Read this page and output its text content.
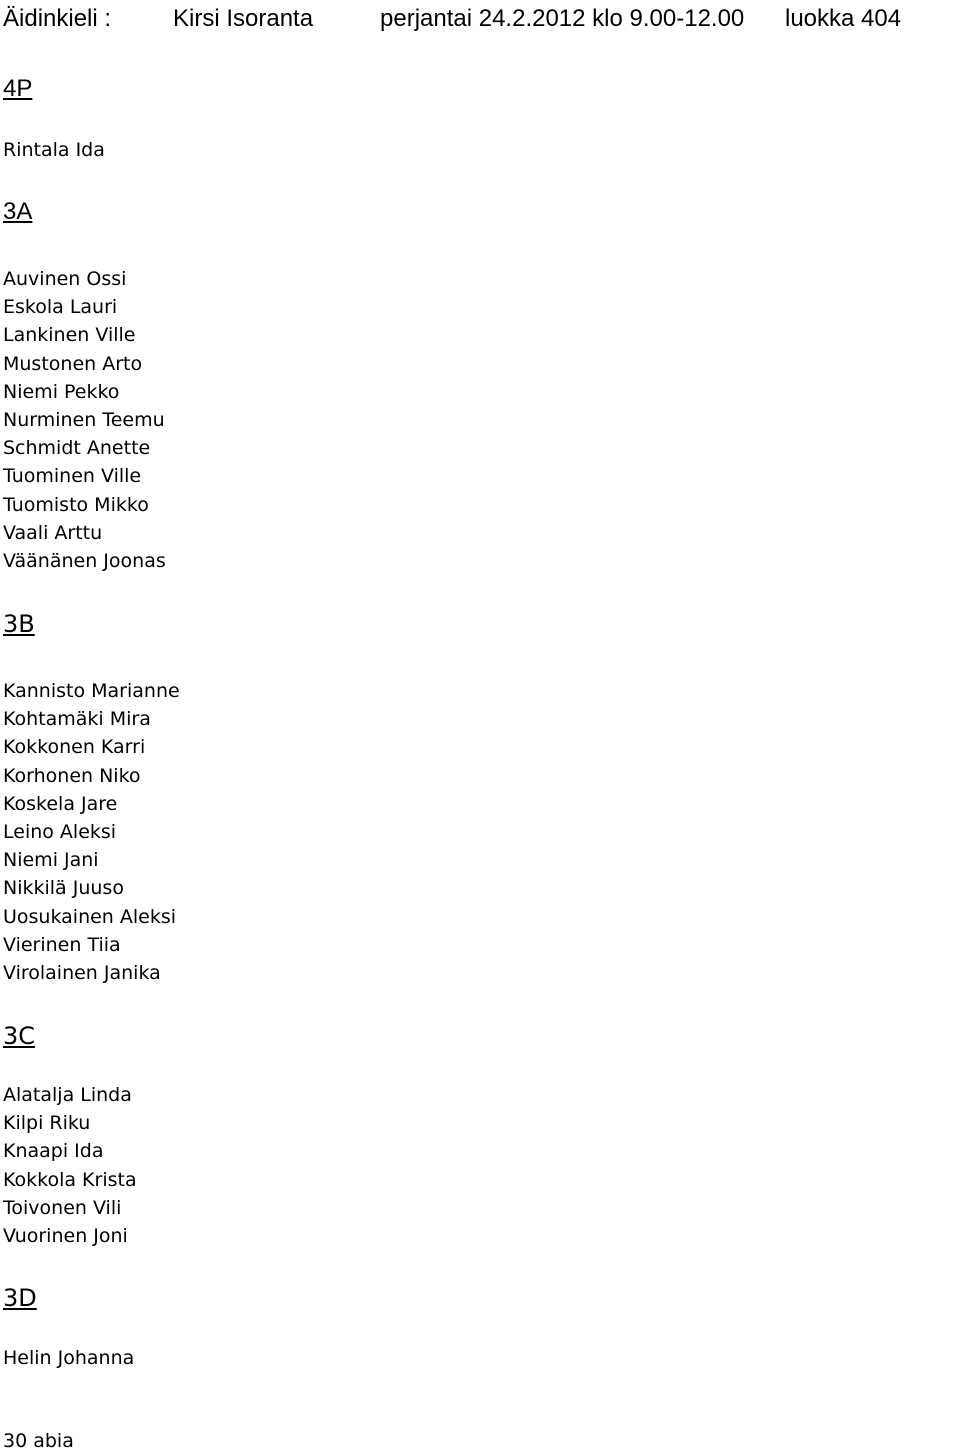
Äidinkieli :	Kirsi Isoranta	perjantai 24.2.2012 klo 9.00-12.00 luokka 404
4P
Rintala Ida
3A
Auvinen Ossi
Eskola Lauri
Lankinen Ville
Mustonen Arto
Niemi Pekko
Nurminen Teemu
Schmidt Anette
Tuominen Ville
Tuomisto Mikko
Vaali Arttu
Väänänen Joonas
3B
Kannisto Marianne
Kohtamäki Mira
Kokkonen Karri
Korhonen Niko
Koskela Jare
Leino Aleksi
Niemi Jani
Nikkilä Juuso
Uosukainen Aleksi
Vierinen Tiia
Virolainen Janika
3C
Alatalja Linda
Kilpi Riku
Knaapi Ida
Kokkola Krista
Toivonen Vili
Vuorinen Joni
3D
Helin Johanna
30 abia
